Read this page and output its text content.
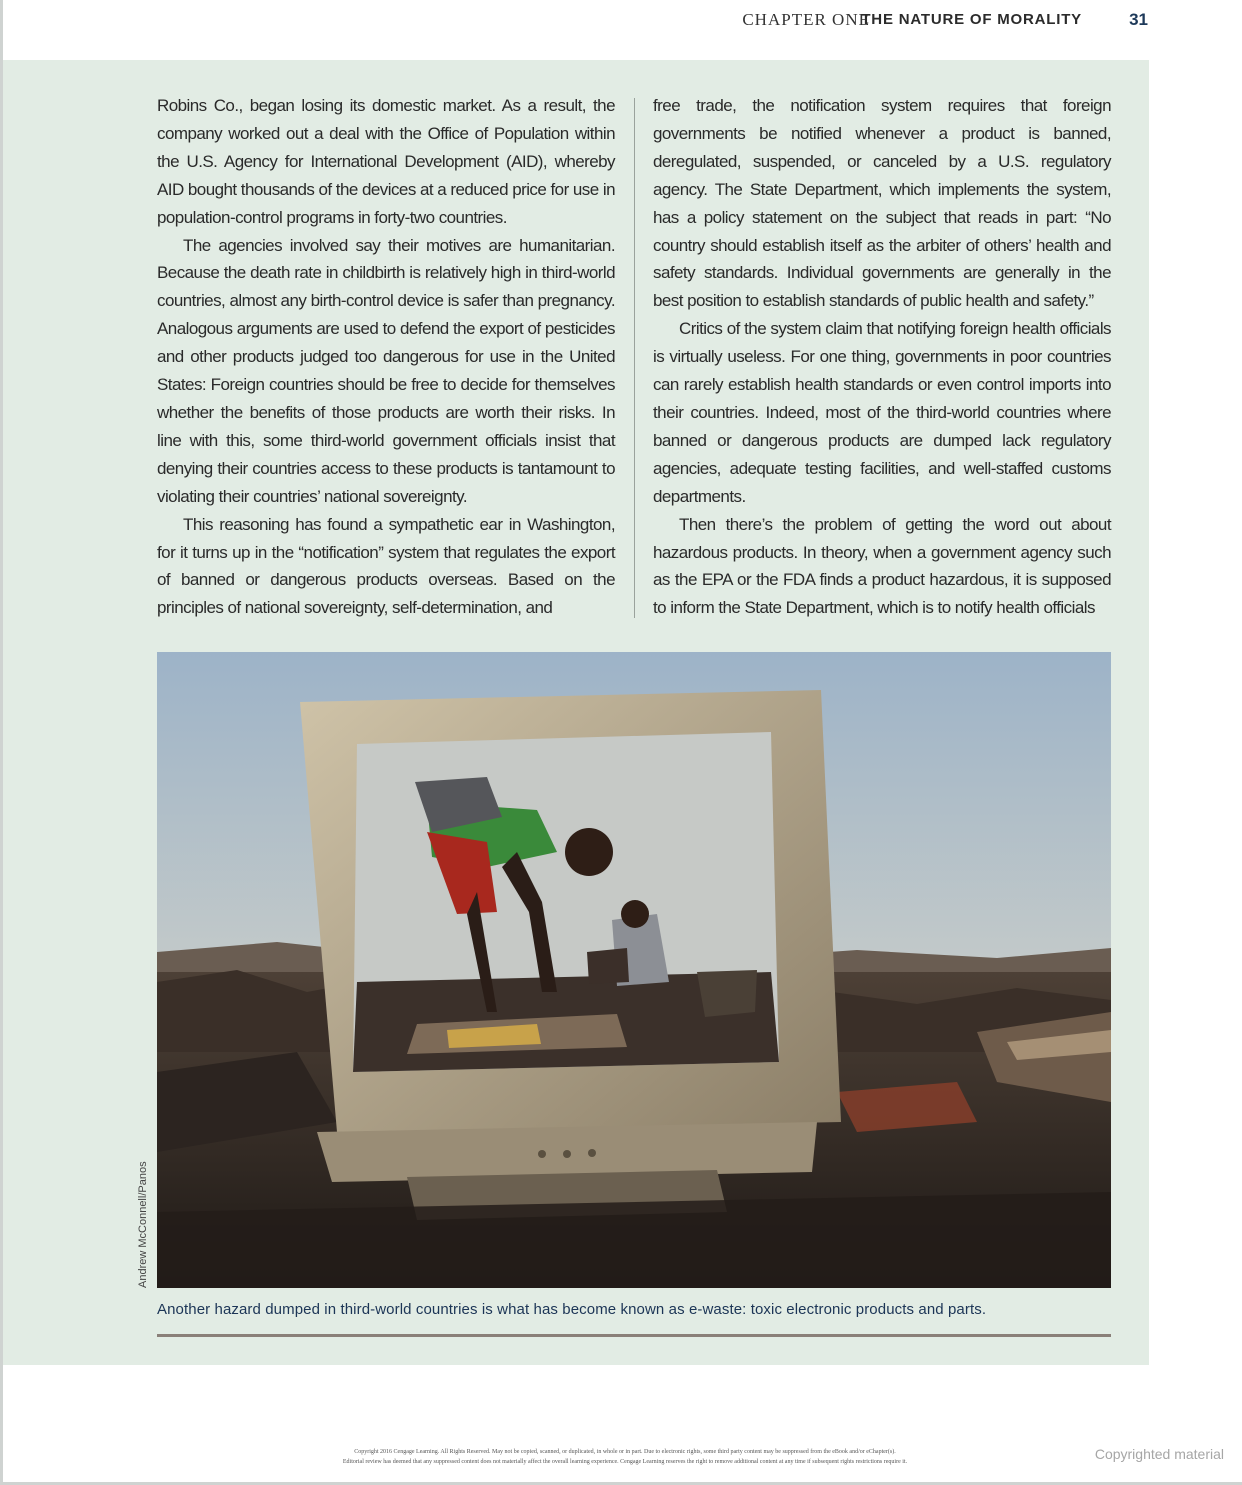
CHAPTER ONE
THE NATURE OF MORALITY	31

Robins Co., began losing its domestic market. As a result, the company worked out a deal with the Office of Population within the U.S. Agency for International Development (AID), whereby AID bought thousands of the devices at a reduced price for use in population-control programs in forty-two countries.

The agencies involved say their motives are humanitarian. Because the death rate in childbirth is relatively high in third-world countries, almost any birth-control device is safer than pregnancy. Analogous arguments are used to defend the export of pesticides and other products judged too dangerous for use in the United States: Foreign countries should be free to decide for themselves whether the benefits of those products are worth their risks. In line with this, some third-world government officials insist that denying their countries access to these products is tantamount to violating their countries’ national sovereignty.

This reasoning has found a sympathetic ear in Washington, for it turns up in the “notification” system that regulates the export of banned or dangerous products overseas. Based on the principles of national sovereignty, self-determination, and

free trade, the notification system requires that foreign governments be notified whenever a product is banned, deregulated, suspended, or canceled by a U.S. regulatory agency. The State Department, which implements the system, has a policy statement on the subject that reads in part: “No country should establish itself as the arbiter of others’ health and safety standards. Individual governments are generally in the best position to establish standards of public health and safety.”

Critics of the system claim that notifying foreign health officials is virtually useless. For one thing, governments in poor countries can rarely establish health standards or even control imports into their countries. Indeed, most of the third-world countries where banned or dangerous products are dumped lack regulatory agencies, adequate testing facilities, and well-staffed customs departments.

Then there’s the problem of getting the word out about hazardous products. In theory, when a government agency such as the EPA or the FDA finds a product hazardous, it is supposed to inform the State Department, which is to notify health officials

Andrew McConnell/Panos
Another hazard dumped in third-world countries is what has become known as e-waste: toxic electronic products and parts.
Copyright 2016 Cengage Learning. All Rights Reserved. May not be copied, scanned, or duplicated, in whole or in part. Due to electronic rights, some third party content may be suppressed from the eBook and/or eChapter(s).
Editorial review has deemed that any suppressed content does not materially affect the overall learning experience. Cengage Learning reserves the right to remove additional content at any time if subsequent rights restrictions require it.	Copyrighted material
